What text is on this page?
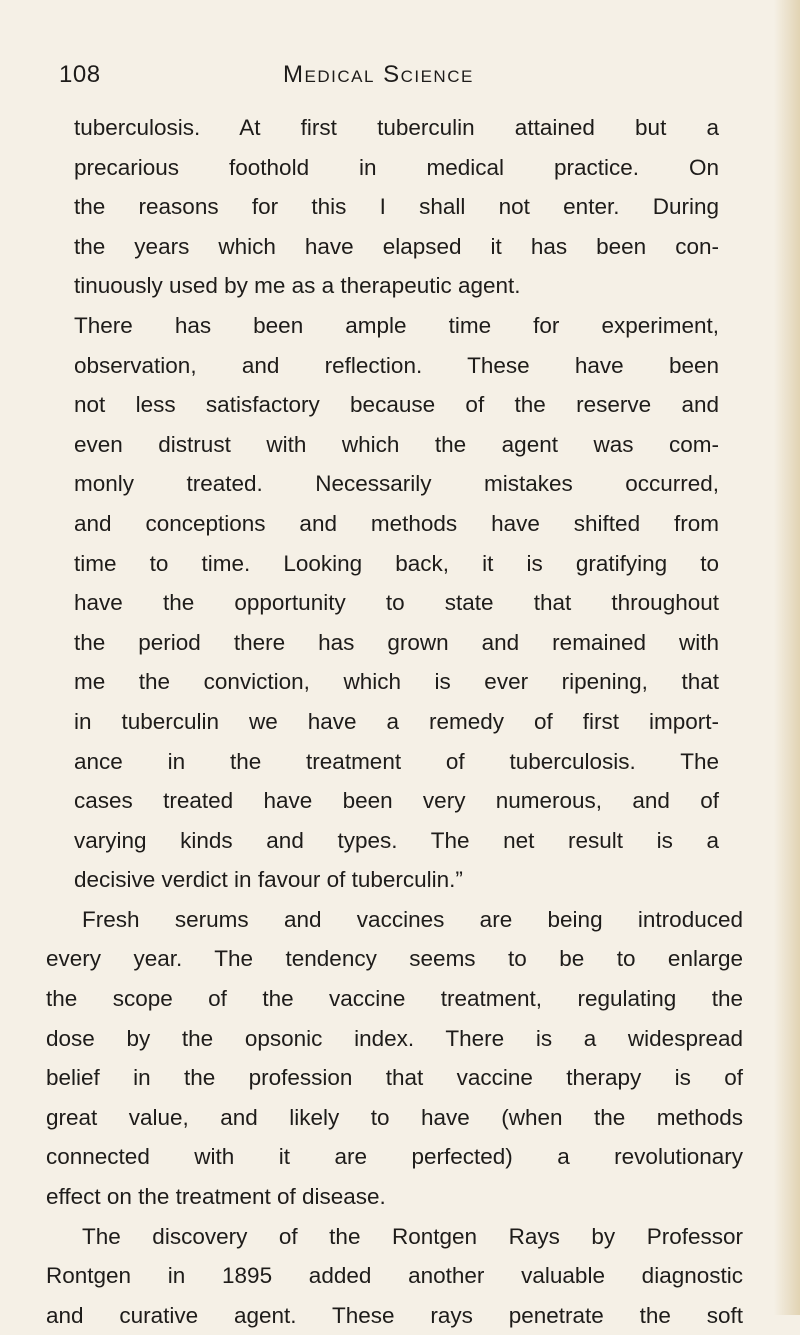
108	Medical Science
tuberculosis. At first tuberculin attained but a
precarious foothold in medical practice. On
the reasons for this I shall not enter. During
the years which have elapsed it has been con-
tinuously used by me as a therapeutic agent.
There has been ample time for experiment,
observation, and reflection. These have been
not less satisfactory because of the reserve and
even distrust with which the agent was com-
monly treated. Necessarily mistakes occurred,
and conceptions and methods have shifted from
time to time. Looking back, it is gratifying to
have the opportunity to state that throughout
the period there has grown and remained with
me the conviction, which is ever ripening, that
in tuberculin we have a remedy of first import-
ance in the treatment of tuberculosis. The
cases treated have been very numerous, and of
varying kinds and types. The net result is a
decisive verdict in favour of tuberculin.”
Fresh serums and vaccines are being introduced
every year. The tendency seems to be to enlarge
the scope of the vaccine treatment, regulating the
dose by the opsonic index. There is a widespread
belief in the profession that vaccine therapy is of
great value, and likely to have (when the methods
connected with it are perfected) a revolutionary
effect on the treatment of disease.
The discovery of the Rontgen Rays by Professor
Rontgen in 1895 added another valuable diagnostic
and curative agent. These rays penetrate the soft
